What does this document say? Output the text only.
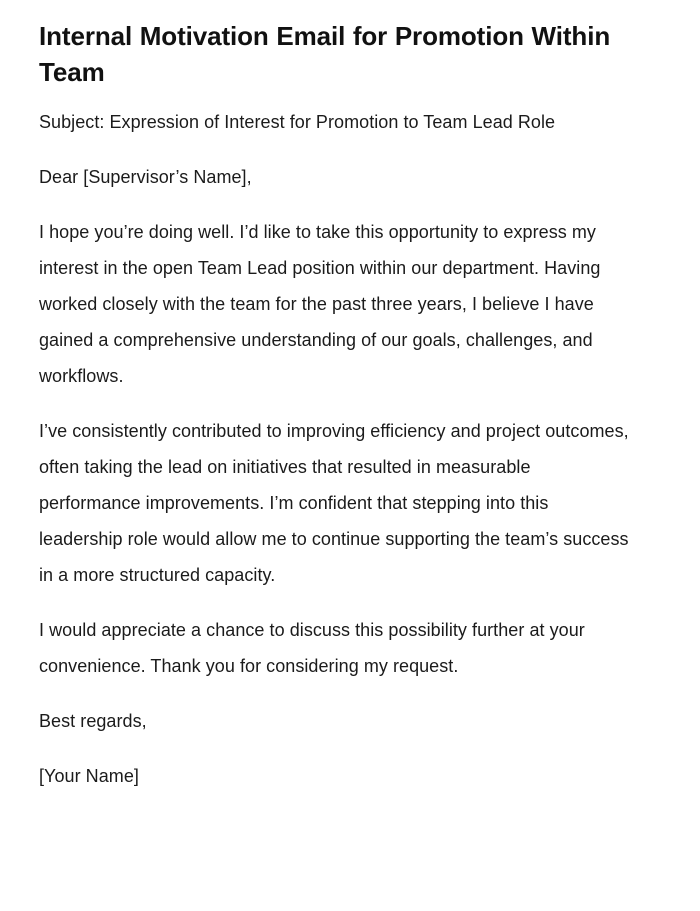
Internal Motivation Email for Promotion Within Team

Subject: Expression of Interest for Promotion to Team Lead Role

Dear [Supervisor’s Name],

I hope you’re doing well. I’d like to take this opportunity to express my interest in the open Team Lead position within our department. Having worked closely with the team for the past three years, I believe I have gained a comprehensive understanding of our goals, challenges, and workflows.

I’ve consistently contributed to improving efficiency and project outcomes, often taking the lead on initiatives that resulted in measurable performance improvements. I’m confident that stepping into this leadership role would allow me to continue supporting the team’s success in a more structured capacity.

I would appreciate a chance to discuss this possibility further at your convenience. Thank you for considering my request.

Best regards,

[Your Name]
